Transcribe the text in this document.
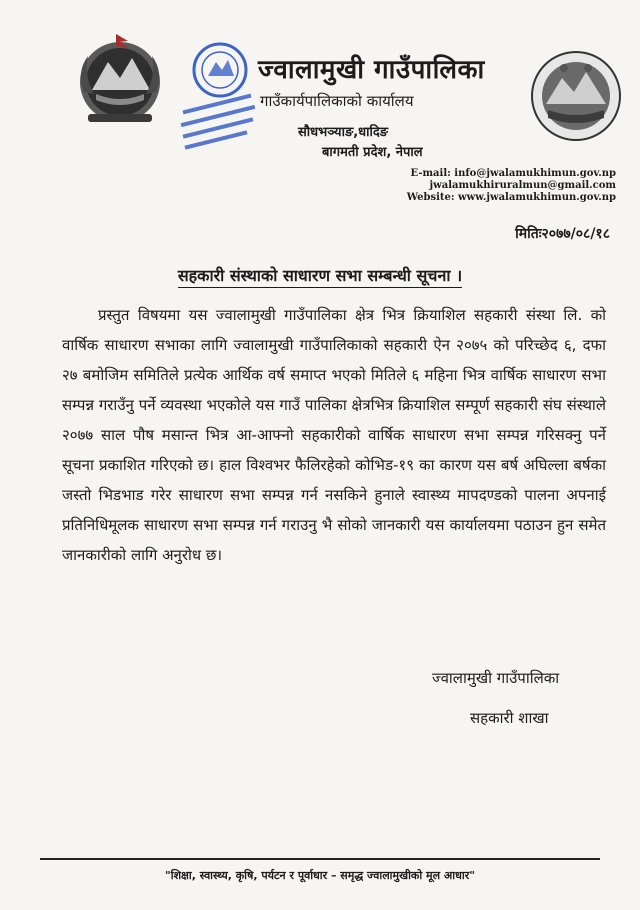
ज्वालामुखी गाउँपालिका
गाउँकार्यपालिकाको कार्यालय
सौधभञ्याङ,धादिङ
बागमती प्रदेश, नेपाल
E-mail: info@jwalamukhimun.gov.np
jwalamukhiruralmun@gmail.com
Website: www.jwalamukhimun.gov.np
मितिः२०७७/०८/१८
सहकारी संस्थाको साधारण सभा सम्बन्धी सूचना ।
प्रस्तुत विषयमा यस ज्वालामुखी गाउँपालिका क्षेत्र भित्र क्रियाशिल सहकारी संस्था लि. को वार्षिक साधारण सभाका लागि ज्वालामुखी गाउँपालिकाको सहकारी ऐन २०७५ को परिच्छेद ६, दफा २७ बमोजिम समितिले प्रत्येक आर्थिक वर्ष समाप्त भएको मितिले ६ महिना भित्र वार्षिक साधारण सभा सम्पन्न गराउँनु पर्ने व्यवस्था भएकोले यस गाउँ पालिका क्षेत्रभित्र क्रियाशिल सम्पूर्ण सहकारी संघ संस्थाले २०७७ साल पौष मसान्त भित्र आ-आफ्नो सहकारीको वार्षिक साधारण सभा सम्पन्न गरिसक्नु पर्ने सूचना प्रकाशित गरिएको छ। हाल विश्वभर फैलिरहेको कोभिड-१९ का कारण यस बर्ष अघिल्ला बर्षका जस्तो भिडभाड गरेर साधारण सभा सम्पन्न गर्न नसकिने हुनाले स्वास्थ्य मापदण्डको पालना अपनाई प्रतिनिधिमूलक साधारण सभा सम्पन्न गर्न गराउनु भै सोको जानकारी यस कार्यालयमा पठाउन हुन समेत जानकारीको लागि अनुरोध छ।
ज्वालामुखी गाउँपालिका
सहकारी शाखा
"शिक्षा, स्वास्थ्य, कृषि, पर्यटन र पूर्वाधार – समृद्ध ज्वालामुखीको मूल आधार"
